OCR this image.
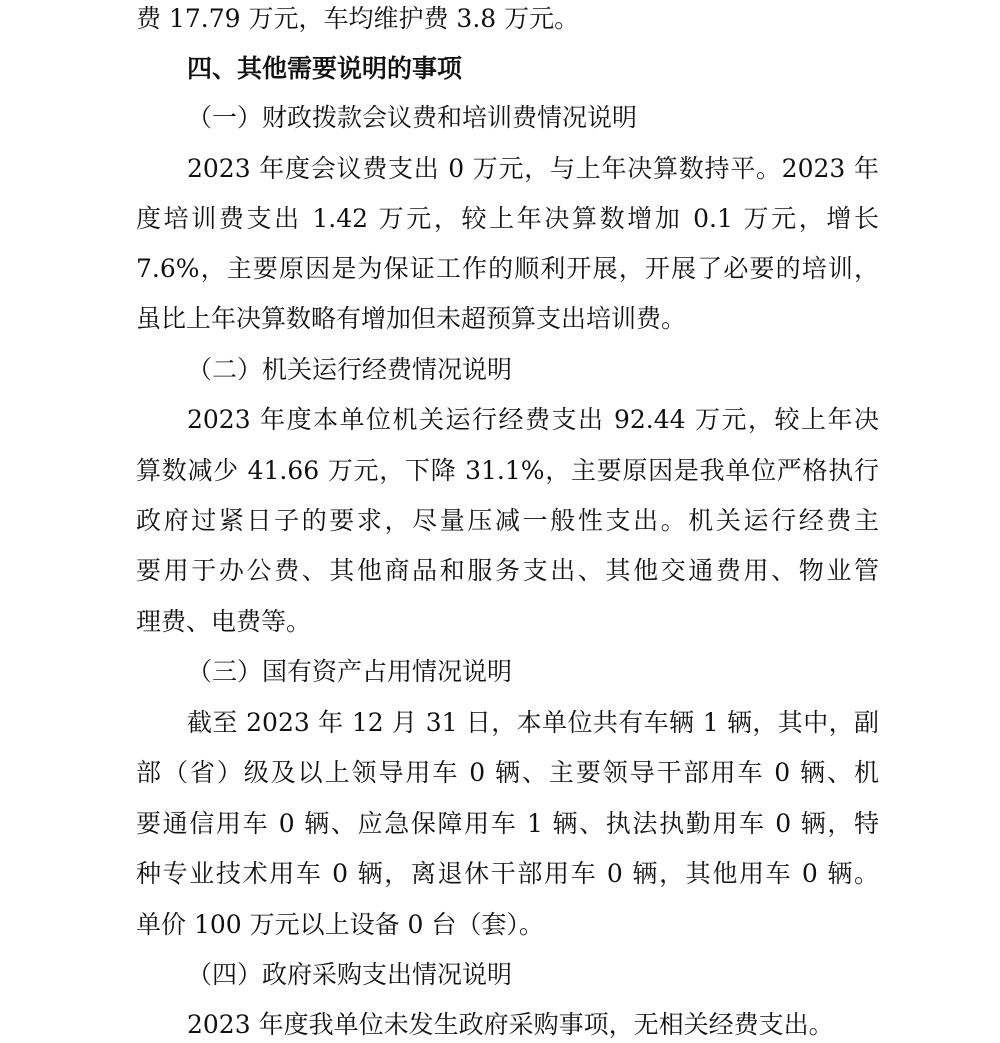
费 17.79 万元，车均维护费 3.8 万元。

四、其他需要说明的事项

（一）财政拨款会议费和培训费情况说明

2023 年度会议费支出 0 万元，与上年决算数持平。2023 年

度培训费支出 1.42 万元，较上年决算数增加 0.1 万元，增长

7.6%，主要原因是为保证工作的顺利开展，开展了必要的培训，

虽比上年决算数略有增加但未超预算支出培训费。

（二）机关运行经费情况说明

2023 年度本单位机关运行经费支出 92.44 万元，较上年决

算数减少 41.66 万元，下降 31.1%，主要原因是我单位严格执行

政府过紧日子的要求，尽量压减一般性支出。机关运行经费主

要用于办公费、其他商品和服务支出、其他交通费用、物业管

理费、电费等。

（三）国有资产占用情况说明

截至 2023 年 12 月 31 日，本单位共有车辆 1 辆，其中，副

部（省）级及以上领导用车 0 辆、主要领导干部用车 0 辆、机

要通信用车 0 辆、应急保障用车 1 辆、执法执勤用车 0 辆，特

种专业技术用车 0 辆，离退休干部用车 0 辆，其他用车 0 辆。

单价 100 万元以上设备 0 台（套）。

（四）政府采购支出情况说明

2023 年度我单位未发生政府采购事项，无相关经费支出。
